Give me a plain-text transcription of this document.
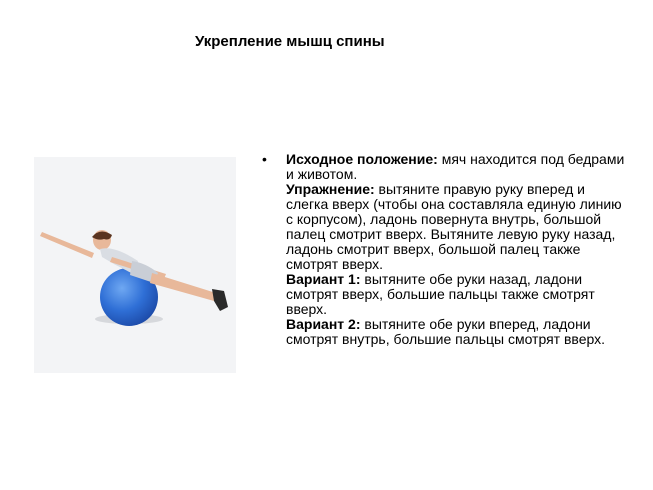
Укрепление мышц спины
• Исходное положение: мяч находится под бедрами и животом.

Упражнение: вытяните правую руку вперед и слегка вверх (чтобы она составляла единую линию с корпусом), ладонь повернута внутрь, большой палец смотрит вверх. Вытяните левую руку назад, ладонь смотрит вверх, большой палец также смотрят вверх.

Вариант 1: вытяните обе руки назад, ладони смотрят вверх, большие пальцы также смотрят вверх.

Вариант 2: вытяните обе руки вперед, ладони смотрят внутрь, большие пальцы смотрят вверх.
